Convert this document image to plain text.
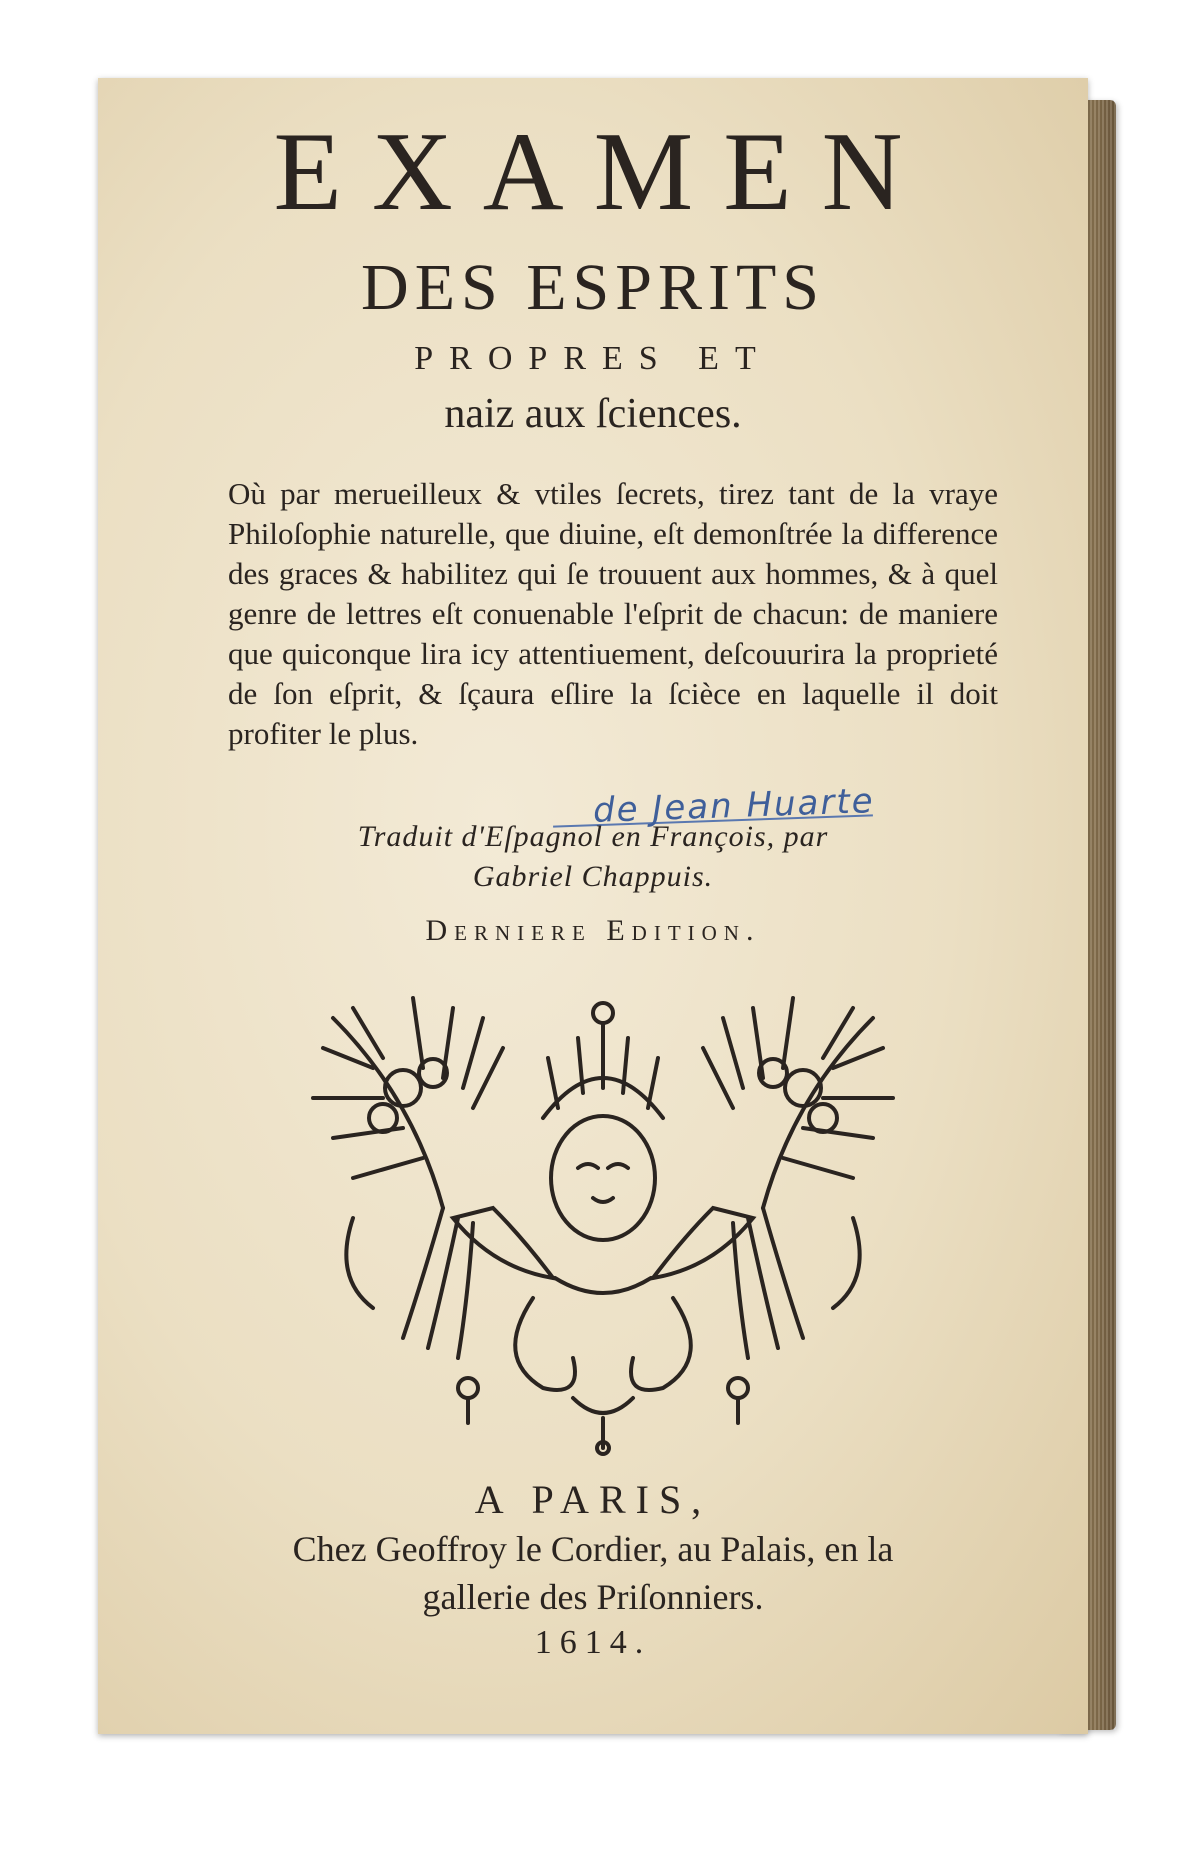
EXAMEN
DES ESPRITS
PROPRES ET
naiz aux ſciences.
Où par merueilleux & vtiles ſecrets, tirez tant de la vraye Philoſophie naturelle, que diuine, eſt demonſtrée la difference des graces & habilitez qui ſe trouuent aux hommes, & à quel genre de lettres eſt conuenable l'eſprit de chacun: de maniere que quiconque lira icy attentiuement, deſcouurira la proprieté de ſon eſprit, & ſçaura eſlire la ſcièce en laquelle il doit profiter le plus.
de Jean Huarte
Traduit d'Eſpagnol en François, par
Gabriel Chappuis.
Derniere Edition.
A PARIS,
Chez Geoffroy le Cordier, au Palais, en la
gallerie des Priſonniers.
1614.
